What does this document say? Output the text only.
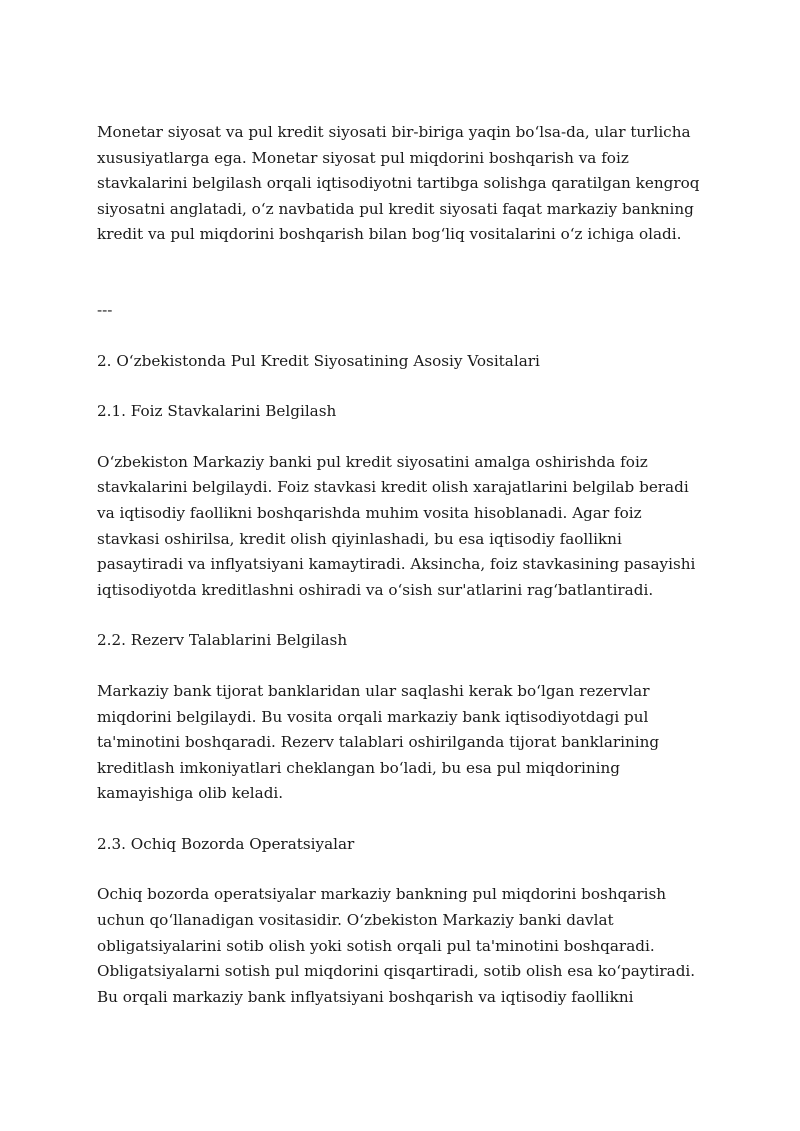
Monetar siyosat va pul kredit siyosati bir-biriga yaqin bo‘lsa-da, ular turlicha xususiyatlarga ega. Monetar siyosat pul miqdorini boshqarish va foiz stavkalarini belgilash orqali iqtisodiyotni tartibga solishga qaratilgan kengroq siyosatni anglatadi, o‘z navbatida pul kredit siyosati faqat markaziy bankning kredit va pul miqdorini boshqarish bilan bog‘liq vositalarini o‘z ichiga oladi.

---

2. O‘zbekistonda Pul Kredit Siyosatining Asosiy Vositalari

2.1. Foiz Stavkalarini Belgilash

O‘zbekiston Markaziy banki pul kredit siyosatini amalga oshirishda foiz stavkalarini belgilaydi. Foiz stavkasi kredit olish xarajatlarini belgilab beradi va iqtisodiy faollikni boshqarishda muhim vosita hisoblanadi. Agar foiz stavkasi oshirilsa, kredit olish qiyinlashadi, bu esa iqtisodiy faollikni pasaytiradi va inflyatsiyani kamaytiradi. Aksincha, foiz stavkasining pasayishi iqtisodiyotda kreditlashni oshiradi va o‘sish sur'atlarini rag‘batlantiradi.

2.2. Rezerv Talablarini Belgilash

Markaziy bank tijorat banklaridan ular saqlashi kerak bo‘lgan rezervlar miqdorini belgilaydi. Bu vosita orqali markaziy bank iqtisodiyotdagi pul ta'minotini boshqaradi. Rezerv talablari oshirilganda tijorat banklarining kreditlash imkoniyatlari cheklangan bo‘ladi, bu esa pul miqdorining kamayishiga olib keladi.

2.3. Ochiq Bozorda Operatsiyalar

Ochiq bozorda operatsiyalar markaziy bankning pul miqdorini boshqarish uchun qo‘llanadigan vositasidir. O‘zbekiston Markaziy banki davlat obligatsiyalarini sotib olish yoki sotish orqali pul ta'minotini boshqaradi. Obligatsiyalarni sotish pul miqdorini qisqartiradi, sotib olish esa ko‘paytiradi. Bu orqali markaziy bank inflyatsiyani boshqarish va iqtisodiy faollikni
